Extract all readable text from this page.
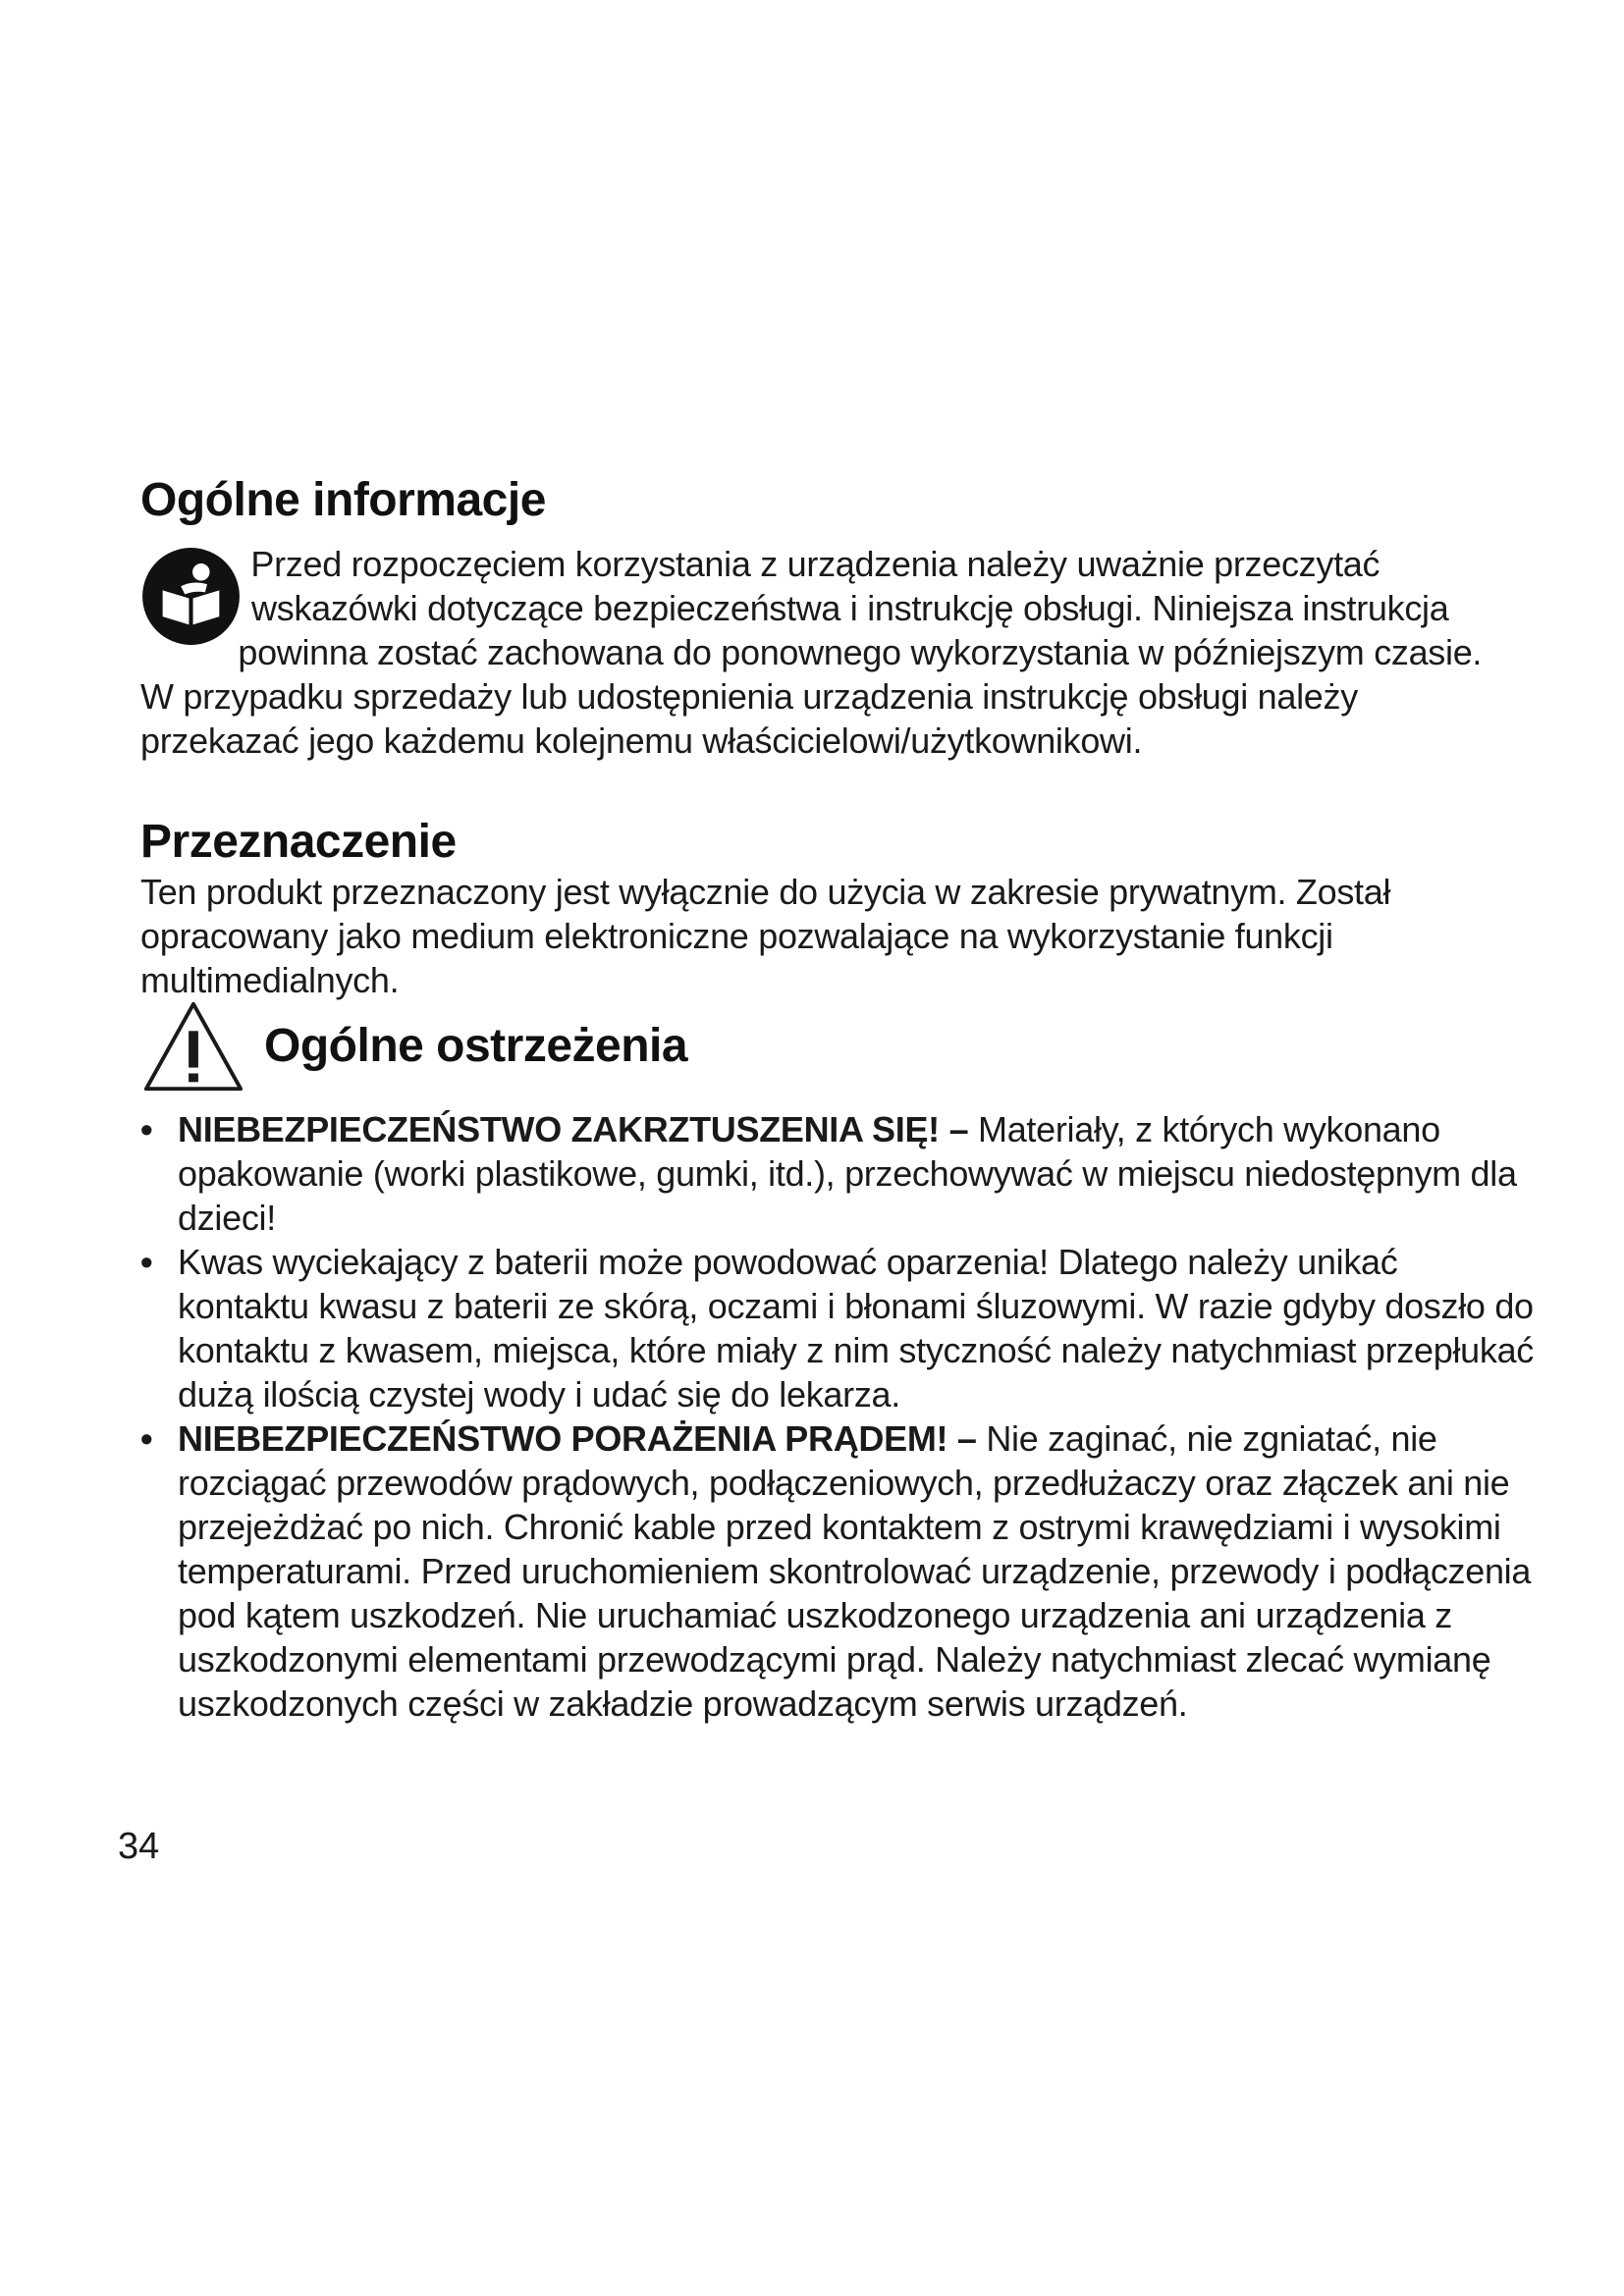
Ogólne informacje

Przed rozpoczęciem korzystania z urządzenia należy uważnie przeczytać wskazówki dotyczące bezpieczeństwa i instrukcję obsługi. Niniejsza instrukcja powinna zostać zachowana do ponownego wykorzystania w późniejszym czasie. W przypadku sprzedaży lub udostępnienia urządzenia instrukcję obsługi należy przekazać jego każdemu kolejnemu właścicielowi/użytkownikowi.

Przeznaczenie

Ten produkt przeznaczony jest wyłącznie do użycia w zakresie prywatnym. Został opracowany jako medium elektroniczne pozwalające na wykorzystanie funkcji multimedialnych.

Ogólne ostrzeżenia
• NIEBEZPIECZEŃSTWO ZAKRZTUSZENIA SIĘ! – Materiały, z których wykonano opakowanie (worki plastikowe, gumki, itd.), przechowywać w miejscu niedostępnym dla dzieci!
• Kwas wyciekający z baterii może powodować oparzenia! Dlatego należy unikać kontaktu kwasu z baterii ze skórą, oczami i błonami śluzowymi. W razie gdyby doszło do kontaktu z kwasem, miejsca, które miały z nim styczność należy natychmiast przepłukać dużą ilością czystej wody i udać się do lekarza.
• NIEBEZPIECZEŃSTWO PORAŻENIA PRĄDEM! – Nie zaginać, nie zgniatać, nie rozciągać przewodów prądowych, podłączeniowych, przedłużaczy oraz złączek ani nie przejeżdżać po nich. Chronić kable przed kontaktem z ostrymi krawędziami i wysokimi temperaturami. Przed uruchomieniem skontrolować urządzenie, przewody i podłączenia pod kątem uszkodzeń. Nie uruchamiać uszkodzonego urządzenia ani urządzenia z uszkodzonymi elementami przewodzącymi prąd. Należy natychmiast zlecać wymianę uszkodzonych części w zakładzie prowadzącym serwis urządzeń.
34
